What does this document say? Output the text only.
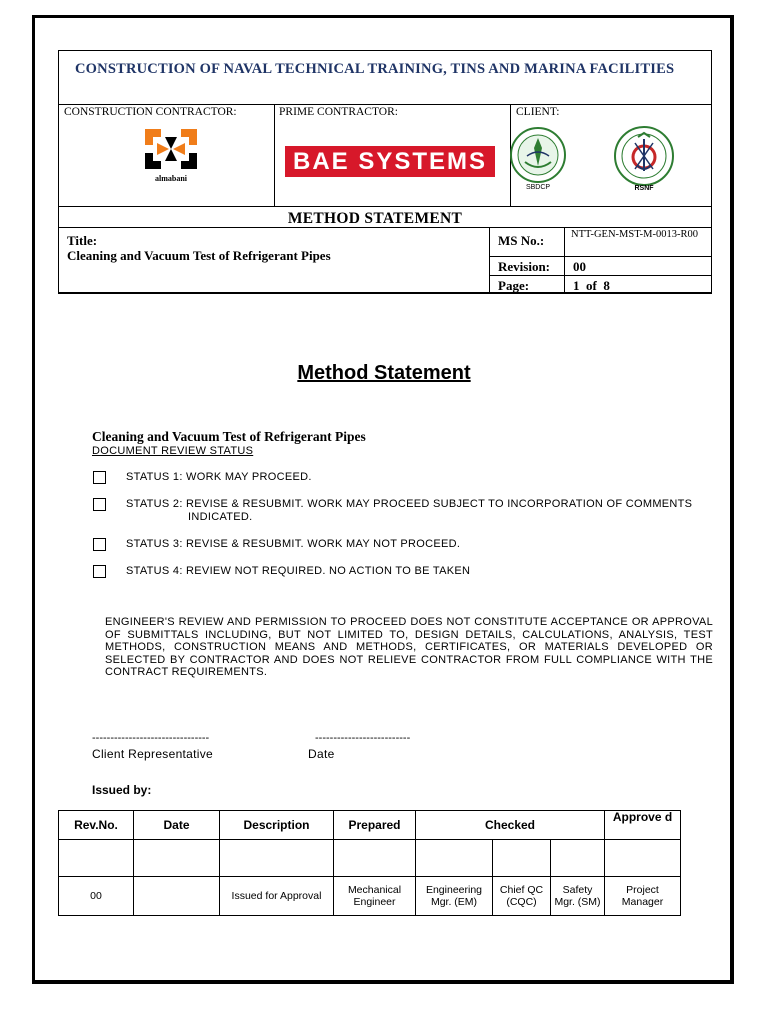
CONSTRUCTION OF NAVAL TECHNICAL TRAINING, TINS AND MARINA FACILITIES
CONSTRUCTION CONTRACTOR:	PRIME CONTRACTOR:	CLIENT:
almabani
BAE SYSTEMS
SBDCP	RSNF
METHOD STATEMENT
Title:
Cleaning and Vacuum Test of Refrigerant Pipes
MS No.:	NTT-GEN-MST-M-0013-R00
Revision: 00
Page:	1  of  8
Method Statement
Cleaning and Vacuum Test of Refrigerant Pipes
DOCUMENT REVIEW STATUS
STATUS 1: WORK MAY PROCEED.
STATUS 2: REVISE & RESUBMIT. WORK MAY PROCEED SUBJECT TO INCORPORATION OF COMMENTS
INDICATED.
STATUS 3: REVISE & RESUBMIT. WORK MAY NOT PROCEED.
STATUS 4: REVIEW NOT REQUIRED. NO ACTION TO BE TAKEN
ENGINEER'S REVIEW AND PERMISSION TO PROCEED DOES NOT CONSTITUTE ACCEPTANCE OR APPROVAL OF SUBMITTALS INCLUDING, BUT NOT LIMITED TO, DESIGN DETAILS, CALCULATIONS, ANALYSIS, TEST METHODS, CONSTRUCTION MEANS AND METHODS, CERTIFICATES, OR MATERIALS DEVELOPED OR SELECTED BY CONTRACTOR AND DOES NOT RELIEVE CONTRACTOR FROM FULL COMPLIANCE WITH THE CONTRACT REQUIREMENTS.
--------------------------------	--------------------------
Client Representative	Date
Issued by:
Rev.No.	Date	Description	Prepared	Checked			Approve d

00		Issued for Approval	Mechanical Engineer	Engineering Mgr. (EM)	Chief QC (CQC)	Safety Mgr. (SM)	Project Manager
